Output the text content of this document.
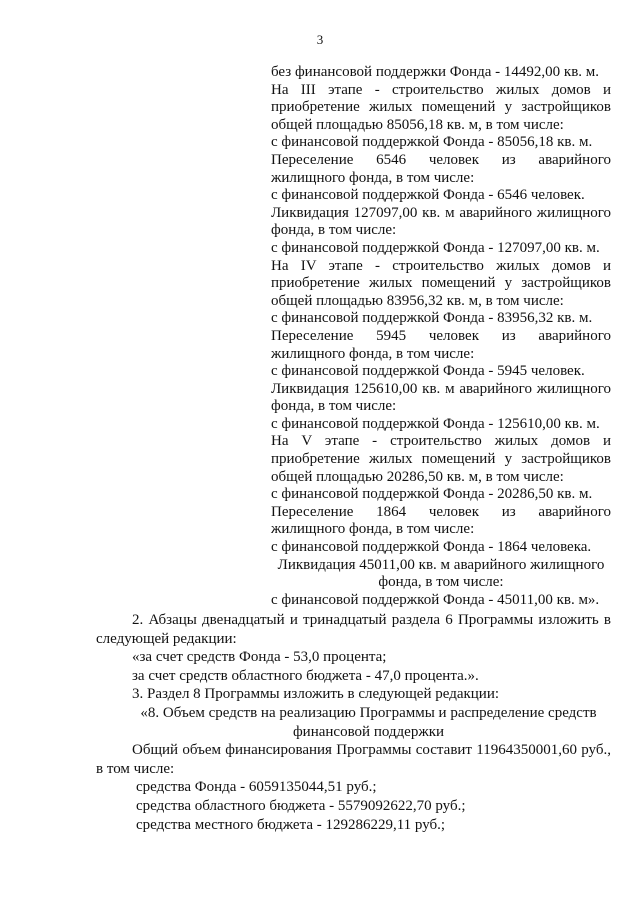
3

без финансовой поддержки Фонда - 14492,00 кв. м.

На III этапе - строительство жилых домов и приобретение жилых помещений у застройщиков общей площадью 85056,18 кв. м, в том числе:

с финансовой поддержкой Фонда - 85056,18 кв. м.

Переселение 6546 человек из аварийного жилищного фонда, в том числе:

с финансовой поддержкой Фонда - 6546 человек.

Ликвидация 127097,00 кв. м аварийного жилищного фонда, в том числе:

с финансовой поддержкой Фонда - 127097,00 кв. м.

На IV этапе - строительство жилых домов и приобретение жилых помещений у застройщиков общей площадью 83956,32 кв. м, в том числе:

с финансовой поддержкой Фонда - 83956,32 кв. м.

Переселение 5945 человек из аварийного жилищного фонда, в том числе:

с финансовой поддержкой Фонда - 5945 человек.

Ликвидация 125610,00 кв. м аварийного жилищного фонда, в том числе:

с финансовой поддержкой Фонда - 125610,00 кв. м.

На V этапе - строительство жилых домов и приобретение жилых помещений у застройщиков общей площадью 20286,50 кв. м, в том числе:

с финансовой поддержкой Фонда - 20286,50 кв. м.

Переселение 1864 человек из аварийного жилищного фонда, в том числе:

с финансовой поддержкой Фонда - 1864 человека.

Ликвидация 45011,00 кв. м аварийного жилищного фонда, в том числе:

с финансовой поддержкой Фонда - 45011,00 кв. м».

2. Абзацы двенадцатый и тринадцатый раздела 6 Программы изложить в следующей редакции:

«за счет средств Фонда - 53,0 процента;

за счет средств областного бюджета - 47,0 процента.».

3. Раздел 8 Программы изложить в следующей редакции:

«8. Объем средств на реализацию Программы и распределение средств

финансовой поддержки

Общий объем финансирования Программы составит 11964350001,60 руб., в том числе:

средства Фонда - 6059135044,51 руб.;

средства областного бюджета - 5579092622,70 руб.;

средства местного бюджета - 129286229,11 руб.;
